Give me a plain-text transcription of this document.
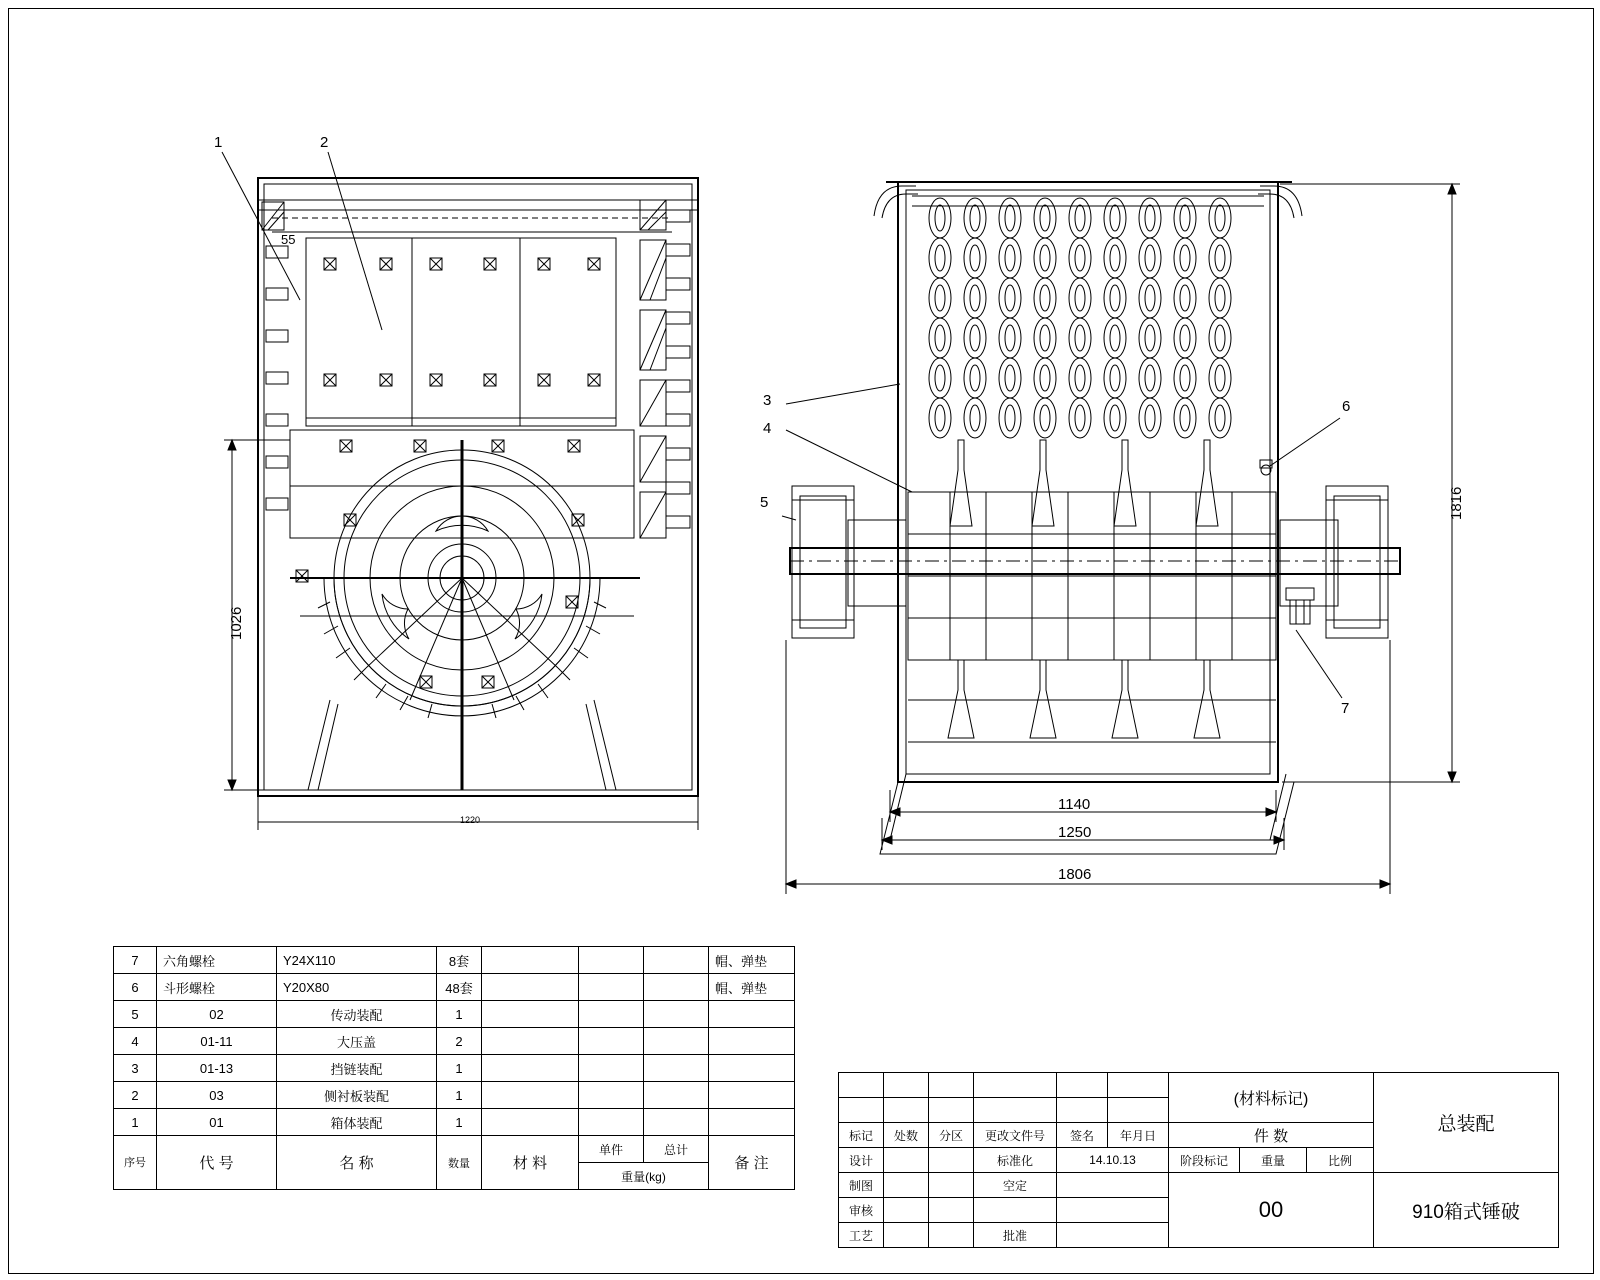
1	2
3
4
5
6
7
55
1026
1220
1816
1140
1250
1806
7	六角螺栓	Y24X110	8套				帽、弹垫
6	斗形螺栓	Y20X80	48套				帽、弹垫
5	02	传动装配	1				
4	01-11	大压盖	2				
3	01-13	挡链装配	1				
2	03	侧衬板装配	1				
1	01	箱体装配	1				
序号	代 号	名 称	数量	材 料	单件	总计	备 注
					重量(kg)		
						(材料标记)			总装配

标记	处数	分区	更改文件号	签名	年月日	件 数			
设计			标准化	14.10.13		阶段标记	重量	比例	
制图			空定			00			910箱式锤破
审核									
工艺			批准						
